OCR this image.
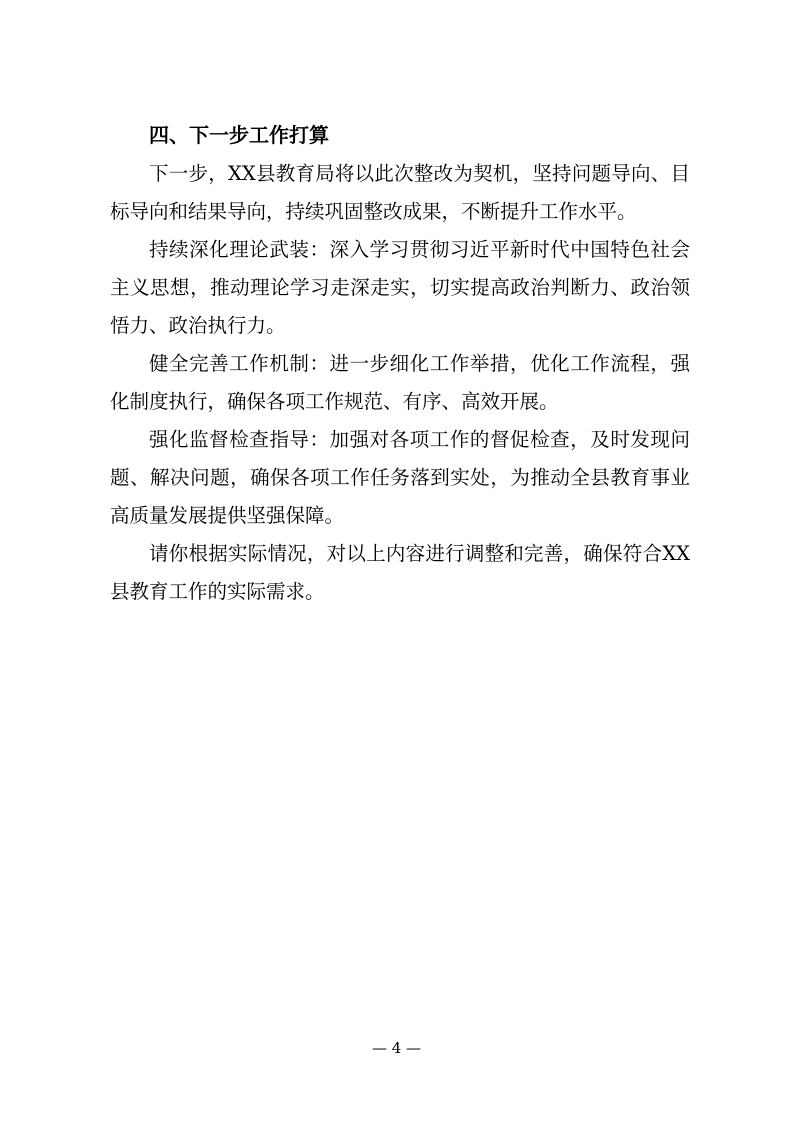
四、下一步工作打算

下一步，XX县教育局将以此次整改为契机，坚持问题导向、目标导向和结果导向，持续巩固整改成果，不断提升工作水平。

持续深化理论武装：深入学习贯彻习近平新时代中国特色社会主义思想，推动理论学习走深走实，切实提高政治判断力、政治领悟力、政治执行力。

健全完善工作机制：进一步细化工作举措，优化工作流程，强化制度执行，确保各项工作规范、有序、高效开展。

强化监督检查指导：加强对各项工作的督促检查，及时发现问题、解决问题，确保各项工作任务落到实处，为推动全县教育事业高质量发展提供坚强保障。

请你根据实际情况，对以上内容进行调整和完善，确保符合XX县教育工作的实际需求。

— 4 —
